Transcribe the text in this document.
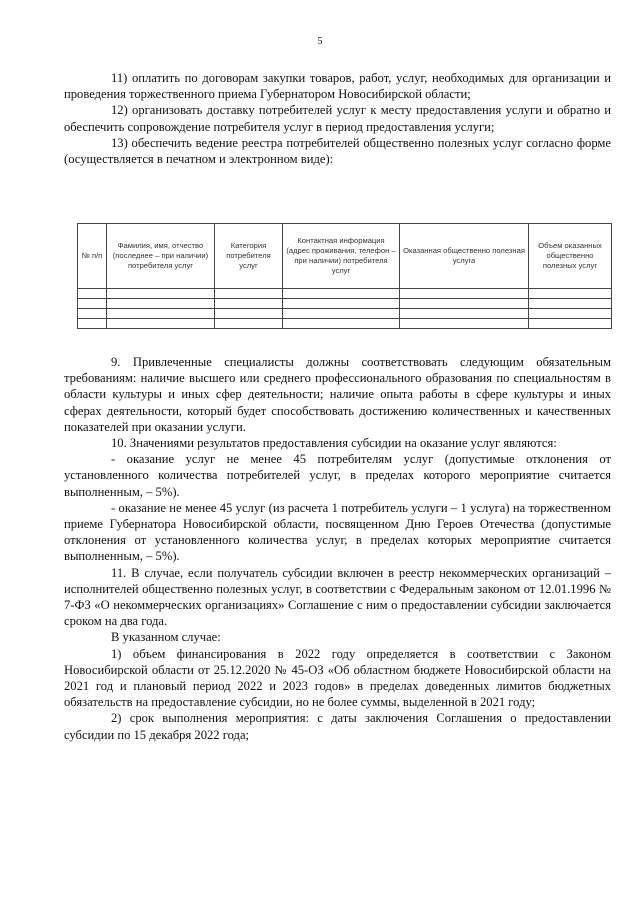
5

11) оплатить по договорам закупки товаров, работ, услуг, необходимых для организации и проведения торжественного приема Губернатором Новосибирской области;

12) организовать доставку потребителей услуг к месту предоставления услуги и обратно и обеспечить сопровождение потребителя услуг в период предоставления услуги;

13) обеспечить ведение реестра потребителей общественно полезных услуг согласно форме (осуществляется в печатном и электронном виде):

№ п/п	Фамилия, имя, отчество (последнее – при наличии) потребителя услуг	Категория потребителя услуг	Контактная информация (адрес проживания, телефон – при наличии) потребителя услуг	Оказанная общественно полезная услуга	Объем оказанных общественно полезных услуг

9. Привлеченные специалисты должны соответствовать следующим обязательным требованиям: наличие высшего или среднего профессионального образования по специальностям в области культуры и иных сфер деятельности; наличие опыта работы в сфере культуры и иных сферах деятельности, который будет способствовать достижению количественных и качественных показателей при оказании услуги.

10. Значениями результатов предоставления субсидии на оказание услуг являются:

- оказание услуг не менее 45 потребителям услуг (допустимые отклонения от установленного количества потребителей услуг, в пределах которого мероприятие считается выполненным, – 5%).

- оказание не менее 45 услуг (из расчета 1 потребитель услуги – 1 услуга) на торжественном приеме Губернатора Новосибирской области, посвященном Дню Героев Отечества (допустимые отклонения от установленного количества услуг, в пределах которых мероприятие считается выполненным, – 5%).

11. В случае, если получатель субсидии включен в реестр некоммерческих организаций – исполнителей общественно полезных услуг, в соответствии с Федеральным законом от 12.01.1996 № 7-ФЗ «О некоммерческих организациях» Соглашение с ним о предоставлении субсидии заключается сроком на два года.

В указанном случае:

1) объем финансирования в 2022 году определяется в соответствии с Законом Новосибирской области от 25.12.2020 № 45-ОЗ «Об областном бюджете Новосибирской области на 2021 год и плановый период 2022 и 2023 годов» в пределах доведенных лимитов бюджетных обязательств на предоставление субсидии, но не более суммы, выделенной в 2021 году;

2) срок выполнения мероприятия: с даты заключения Соглашения о предоставлении субсидии по 15 декабря 2022 года;
